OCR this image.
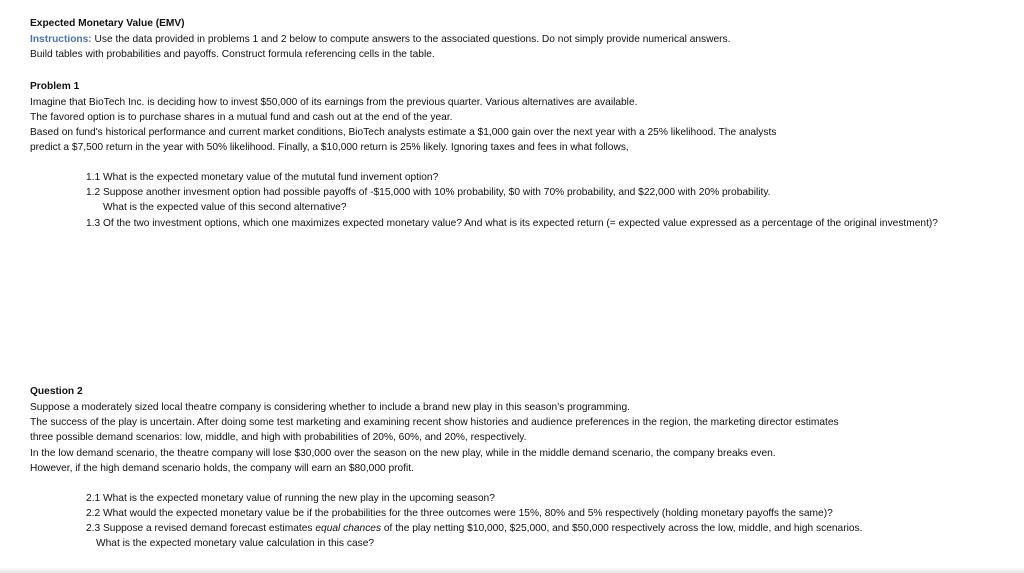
Expected Monetary Value (EMV)
Instructions: Use the data provided in problems 1 and 2 below to compute answers to the associated questions. Do not simply provide numerical answers.
Build tables with probabilities and payoffs. Construct formula referencing cells in the table.
Problem 1
Imagine that BioTech Inc. is deciding how to invest $50,000 of its earnings from the previous quarter. Various alternatives are available.
The favored option is to purchase shares in a mutual fund and cash out at the end of the year.
Based on fund's historical performance and current market conditions, BioTech analysts estimate a $1,000 gain over the next year with a 25% likelihood. The analysts
predict a $7,500 return in the year with 50% likelihood. Finally, a $10,000 return is 25% likely. Ignoring taxes and fees in what follows,
1.1 What is the expected monetary value of the mututal fund invement option?
1.2 Suppose another invesment option had possible payoffs of -$15,000 with 10% probability, $0 with 70% probability, and $22,000 with 20% probability.
What is the expected value of this second alternative?
1.3 Of the two investment options, which one maximizes expected monetary value? And what is its expected return (= expected value expressed as a percentage of the original investment)?
Question 2
Suppose a moderately sized local theatre company is considering whether to include a brand new play in this season's programming.
The success of the play is uncertain. After doing some test marketing and examining recent show histories and audience preferences in the region, the marketing director estimates
three possible demand scenarios: low, middle, and high with probabilities of 20%, 60%, and 20%, respectively.
In the low demand scenario, the theatre company will lose $30,000 over the season on the new play, while in the middle demand scenario, the company breaks even.
However, if the high demand scenario holds, the company will earn an $80,000 profit.
2.1 What is the expected monetary value of running the new play in the upcoming season?
2.2 What would the expected monetary value be if the probabilities for the three outcomes were 15%, 80% and 5% respectively (holding monetary payoffs the same)?
2.3 Suppose a revised demand forecast estimates equal chances of the play netting $10,000, $25,000, and $50,000 respectively across the low, middle, and high scenarios.
What is the expected monetary value calculation in this case?
